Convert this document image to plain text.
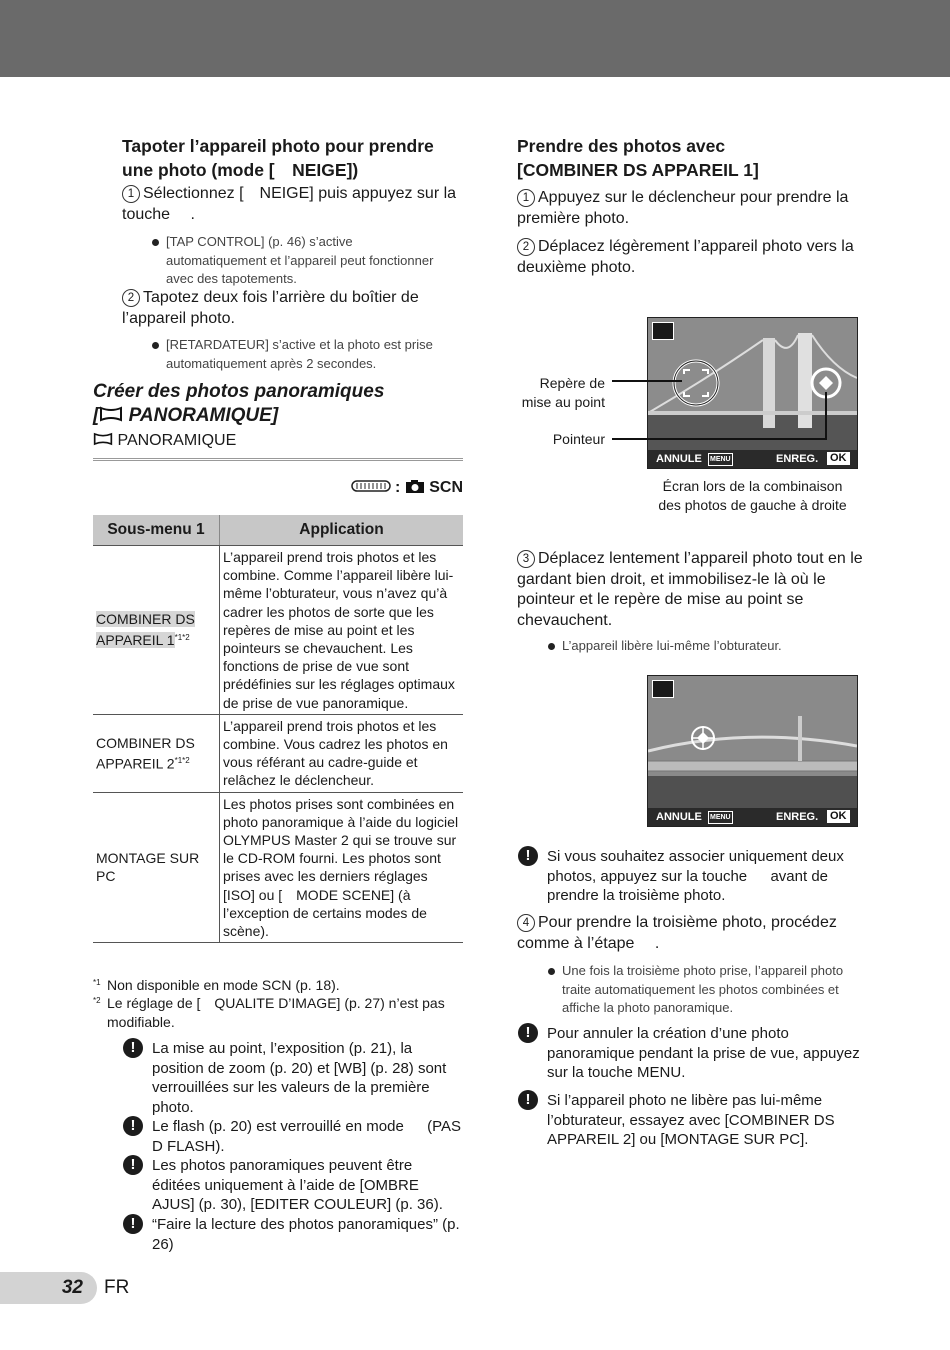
Tapoter l’appareil photo pour prendre une photo (mode [ NEIGE])
1 Sélectionnez [ NEIGE] puis appuyez sur la touche  .
[TAP CONTROL] (p. 46) s’active automatiquement et l’appareil peut fonctionner avec des tapotements.
2 Tapotez deux fois l’arrière du boîtier de l’appareil photo.
[RETARDATEUR] s’active et la photo est prise automatiquement après 2 secondes.
Créer des photos panoramiques
[ PANORAMIQUE]
PANORAMIQUE
:  SCN
Sous-menu 1	Application
COMBINER DS APPAREIL $1^{*1*2}$	L’appareil prend trois photos et les combine. Comme l’appareil libère lui-même l’obturateur, vous n’avez qu’à cadrer les photos de sorte que les repères de mise au point et les pointeurs se chevauchent. Les fonctions de prise de vue sont prédéfinies sur les réglages optimaux de prise de vue panoramique.
COMBINER DS APPAREIL $2^{*1*2}$	L’appareil prend trois photos et les combine. Vous cadrez les photos en vous référant au cadre-guide et relâchez le déclencheur.
MONTAGE SUR PC	Les photos prises sont combinées en photo panoramique à l’aide du logiciel OLYMPUS Master 2 qui se trouve sur le CD-ROM fourni. Les photos sont prises avec les derniers réglages [ISO] ou [ MODE SCENE] (à l’exception de certains modes de scène).
*1 Non disponible en mode SCN (p. 18).
*2 Le réglage de [ QUALITE D’IMAGE] (p. 27) n’est pas modifiable.
!	La mise au point, l’exposition (p. 21), la position de zoom (p. 20) et [WB] (p. 28) sont verrouillées sur les valeurs de la première photo.
!	Le flash (p. 20) est verrouillé en mode   (PAS D FLASH).
!	Les photos panoramiques peuvent être éditées uniquement à l’aide de [OMBRE AJUS] (p. 30), [EDITER COULEUR] (p. 36).
!	“Faire la lecture des photos panoramiques” (p. 26)
Prendre des photos avec
[COMBINER DS APPAREIL 1]
1 Appuyez sur le déclencheur pour prendre la première photo.
2 Déplacez légèrement l’appareil photo vers la deuxième photo.
ANNULE MENU	ENREG. OK
Repère de
mise au point
Pointeur
Écran lors de la combinaison
des photos de gauche à droite
3 Déplacez lentement l’appareil photo tout en le gardant bien droit, et immobilisez-le là où le pointeur et le repère de mise au point se chevauchent.
L’appareil libère lui-même l’obturateur.
ANNULE MENU	ENREG. OK
!	Si vous souhaitez associer uniquement deux photos, appuyez sur la touche   avant de prendre la troisième photo.
4 Pour prendre la troisième photo, procédez comme à l’étape  .
Une fois la troisième photo prise, l’appareil photo traite automatiquement les photos combinées et affiche la photo panoramique.
!	Pour annuler la création d’une photo panoramique pendant la prise de vue, appuyez sur la touche MENU.
!	Si l’appareil photo ne libère pas lui-même l’obturateur, essayez avec [COMBINER DS APPAREIL 2] ou [MONTAGE SUR PC].
32 FR
